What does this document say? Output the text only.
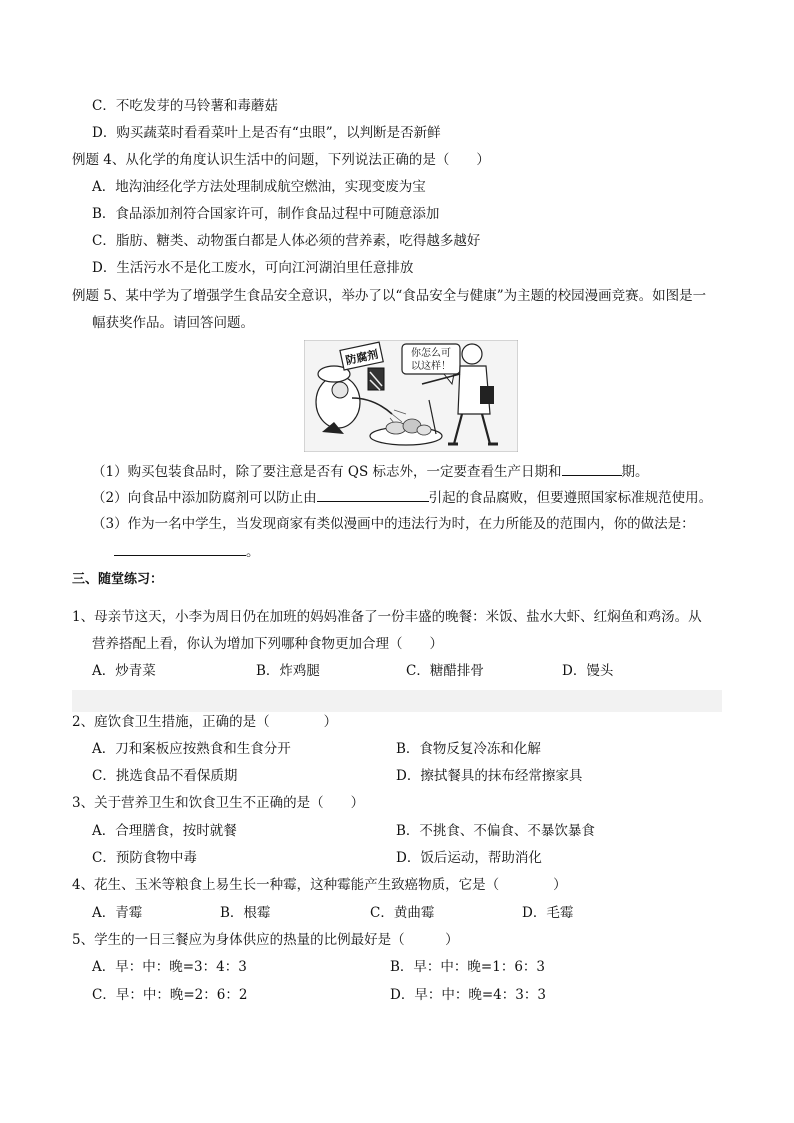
C．不吃发芽的马铃薯和毒蘑菇
D．购买蔬菜时看看菜叶上是否有“虫眼”，以判断是否新鲜
例题 4、从化学的角度认识生活中的问题，下列说法正确的是（　　）
A．地沟油经化学方法处理制成航空燃油，实现变废为宝
B．食品添加剂符合国家许可，制作食品过程中可随意添加
C．脂肪、糖类、动物蛋白都是人体必须的营养素，吃得越多越好
D．生活污水不是化工废水，可向江河湖泊里任意排放
例题 5、某中学为了增强学生食品安全意识，举办了以“食品安全与健康”为主题的校园漫画竞赛。如图是一
幅获奖作品。请回答问题。
防腐剂	你怎么可
以这样！
（1）购买包装食品时，除了要注意是否有 QS 标志外，一定要查看生产日期和	期。
（2）向食品中添加防腐剂可以防止由	引起的食品腐败，但要遵照国家标准规范使用。
（3）作为一名中学生，当发现商家有类似漫画中的违法行为时，在力所能及的范围内，你的做法是：
。
三、随堂练习：
1、母亲节这天，小李为周日仍在加班的妈妈准备了一份丰盛的晚餐：米饭、盐水大虾、红焖鱼和鸡汤。从
营养搭配上看，你认为增加下列哪种食物更加合理（　　）
A．炒青菜	B．炸鸡腿	C．糖醋排骨	D．馒头
2、庭饮食卫生措施，正确的是（　　　　）
A．刀和案板应按熟食和生食分开	B．食物反复冷冻和化解
C．挑选食品不看保质期	D．擦拭餐具的抹布经常擦家具
3、关于营养卫生和饮食卫生不正确的是（　　）
A．合理膳食，按时就餐	B．不挑食、不偏食、不暴饮暴食
C．预防食物中毒	D．饭后运动，帮助消化
4、花生、玉米等粮食上易生长一种霉，这种霉能产生致癌物质，它是（　　　　）
A．青霉	B．根霉	C．黄曲霉	D．毛霉
5、学生的一日三餐应为身体供应的热量的比例最好是（　　　）
A．早：中：晚=3：4：3	B．早：中：晚=1：6：3
C．早：中：晚=2：6：2	D．早：中：晚=4：3：3
